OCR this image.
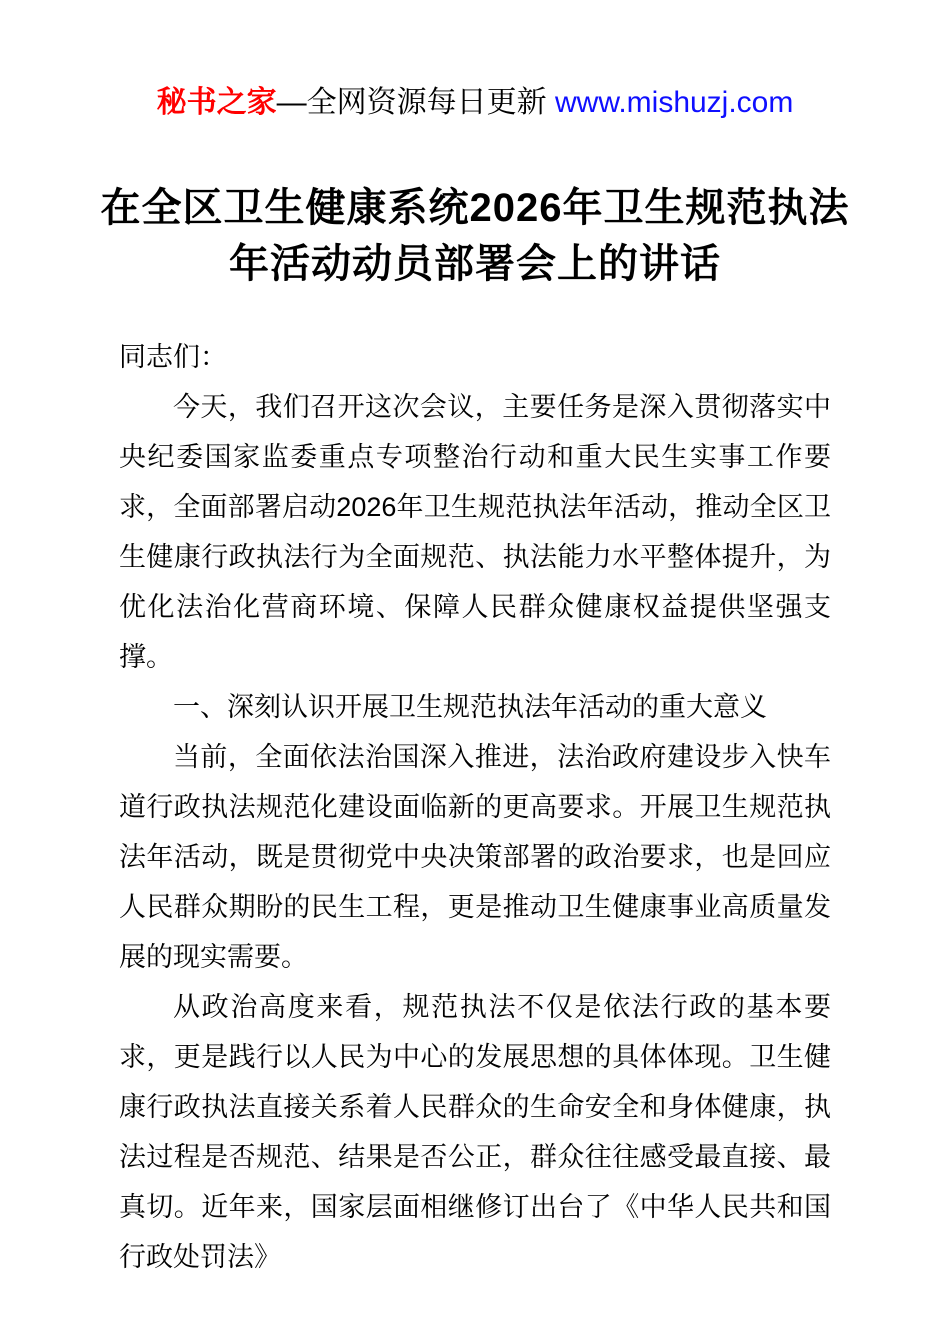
秘书之家—全网资源每日更新 www.mishuzj.com
在全区卫生健康系统2026年卫生规范执法年活动动员部署会上的讲话

同志们：

今天，我们召开这次会议，主要任务是深入贯彻落实中央纪委国家监委重点专项整治行动和重大民生实事工作要求，全面部署启动2026年卫生规范执法年活动，推动全区卫生健康行政执法行为全面规范、执法能力水平整体提升，为优化法治化营商环境、保障人民群众健康权益提供坚强支撑。

一、深刻认识开展卫生规范执法年活动的重大意义

当前，全面依法治国深入推进，法治政府建设步入快车道行政执法规范化建设面临新的更高要求。开展卫生规范执法年活动，既是贯彻党中央决策部署的政治要求，也是回应人民群众期盼的民生工程，更是推动卫生健康事业高质量发展的现实需要。

从政治高度来看，规范执法不仅是依法行政的基本要求，更是践行以人民为中心的发展思想的具体体现。卫生健康行政执法直接关系着人民群众的生命安全和身体健康，执法过程是否规范、结果是否公正，群众往往感受最直接、最真切。近年来，国家层面相继修订出台了《中华人民共和国行政处罚法》
